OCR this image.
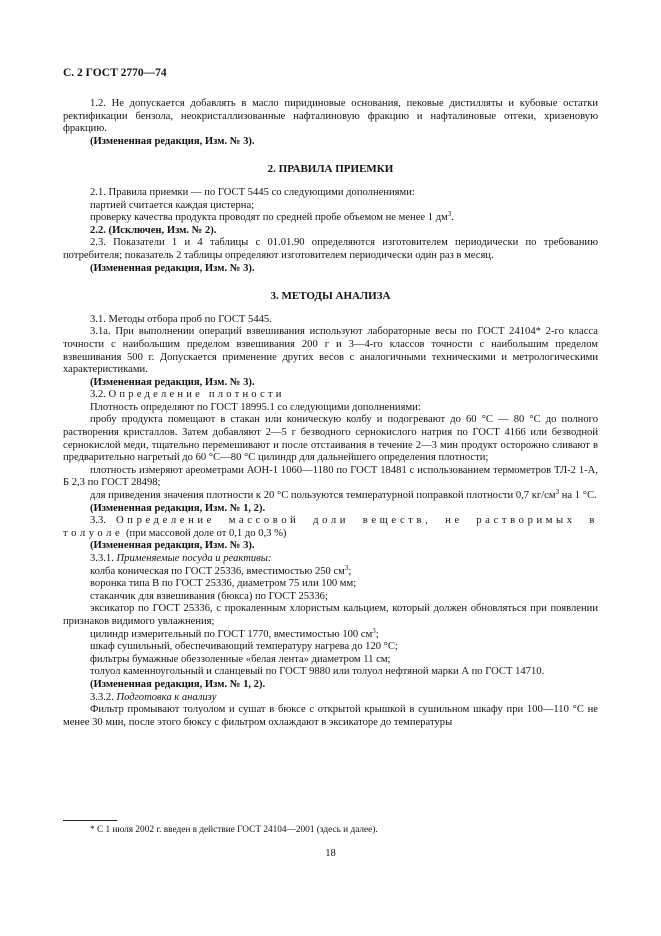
С. 2 ГОСТ 2770—74

1.2. Не допускается добавлять в масло пиридиновые основания, пековые дистилляты и кубовые остатки ректификации бензола, неокристаллизованные нафталиновую фракцию и нафталиновые отгеки, хризеновую фракцию.

(Измененная редакция, Изм. № 3).

2. ПРАВИЛА ПРИЕМКИ

2.1. Правила приемки — по ГОСТ 5445 со следующими дополнениями:

партией считается каждая цистерна;

проверку качества продукта проводят по средней пробе объемом не менее 1 $дм^3$.

2.2. (Исключен, Изм. № 2).

2.3. Показатели 1 и 4 таблицы с 01.01.90 определяются изготовителем периодически по требованию потребителя; показатель 2 таблицы определяют изготовителем периодически один раз в месяц.

(Измененная редакция, Изм. № 3).

3. МЕТОДЫ АНАЛИЗА

3.1. Методы отбора проб по ГОСТ 5445.

3.1а. При выполнении операций взвешивания используют лабораторные весы по ГОСТ 24104* 2-го класса точности с наибольшим пределом взвешивания 200 г и 3—4-го классов точности с наибольшим пределом взвешивания 500 г. Допускается применение других весов с аналогичными техническими и метрологическими характеристиками.

(Измененная редакция, Изм. № 3).

3.2. Определение плотности

Плотность определяют по ГОСТ 18995.1 со следующими дополнениями:

пробу продукта помещают в стакан или коническую колбу и подогревают до 60 °С — 80 °С до полного растворения кристаллов. Затем добавляют 2—5 г безводного сернокислого натрия по ГОСТ 4166 или безводной сернокислой меди, тщательно перемешивают и после отстаивания в течение 2—3 мин продукт осторожно сливают в предварительно нагретый до 60 °С—80 °С цилиндр для дальнейшего определения плотности;

плотность измеряют ареометрами АОН-1 1060—1180 по ГОСТ 18481 с использованием термометров ТЛ-2 1-А, Б 2,3 по ГОСТ 28498;

для приведения значения плотности к 20 °С пользуются температурной поправкой плотности 0,7 $кг/см^3$ на 1 °С.

(Измененная редакция, Изм. № 1, 2).

3.3. Определение массовой доли веществ, не растворимых в толуоле (при массовой доле от 0,1 до 0,3 %)

(Измененная редакция, Изм. № 3).

3.3.1. Применяемые посуда и реактивы:

колба коническая по ГОСТ 25336, вместимостью 250 $см^3$;

воронка типа В по ГОСТ 25336, диаметром 75 или 100 мм;

стаканчик для взвешивания (бюкса) по ГОСТ 25336;

эксикатор по ГОСТ 25336, с прокаленным хлористым кальцием, который должен обновляться при появлении признаков видимого увлажнения;

цилиндр измерительный по ГОСТ 1770, вместимостью 100 $см^3$;

шкаф сушильный, обеспечивающий температуру нагрева до 120 °С;

фильтры бумажные обеззоленные «белая лента» диаметром 11 см;

толуол каменноугольный и сланцевый по ГОСТ 9880 или толуол нефтяной марки А по ГОСТ 14710.

(Измененная редакция, Изм. № 1, 2).

3.3.2. Подготовка к анализу

Фильтр промывают толуолом и сушат в бюксе с открытой крышкой в сушильном шкафу при 100—110 °С не менее 30 мин, после этого бюксу с фильтром охлаждают в эксикаторе до температуры

* С 1 июля 2002 г. введен в действие ГОСТ 24104—2001 (здесь и далее).
18
